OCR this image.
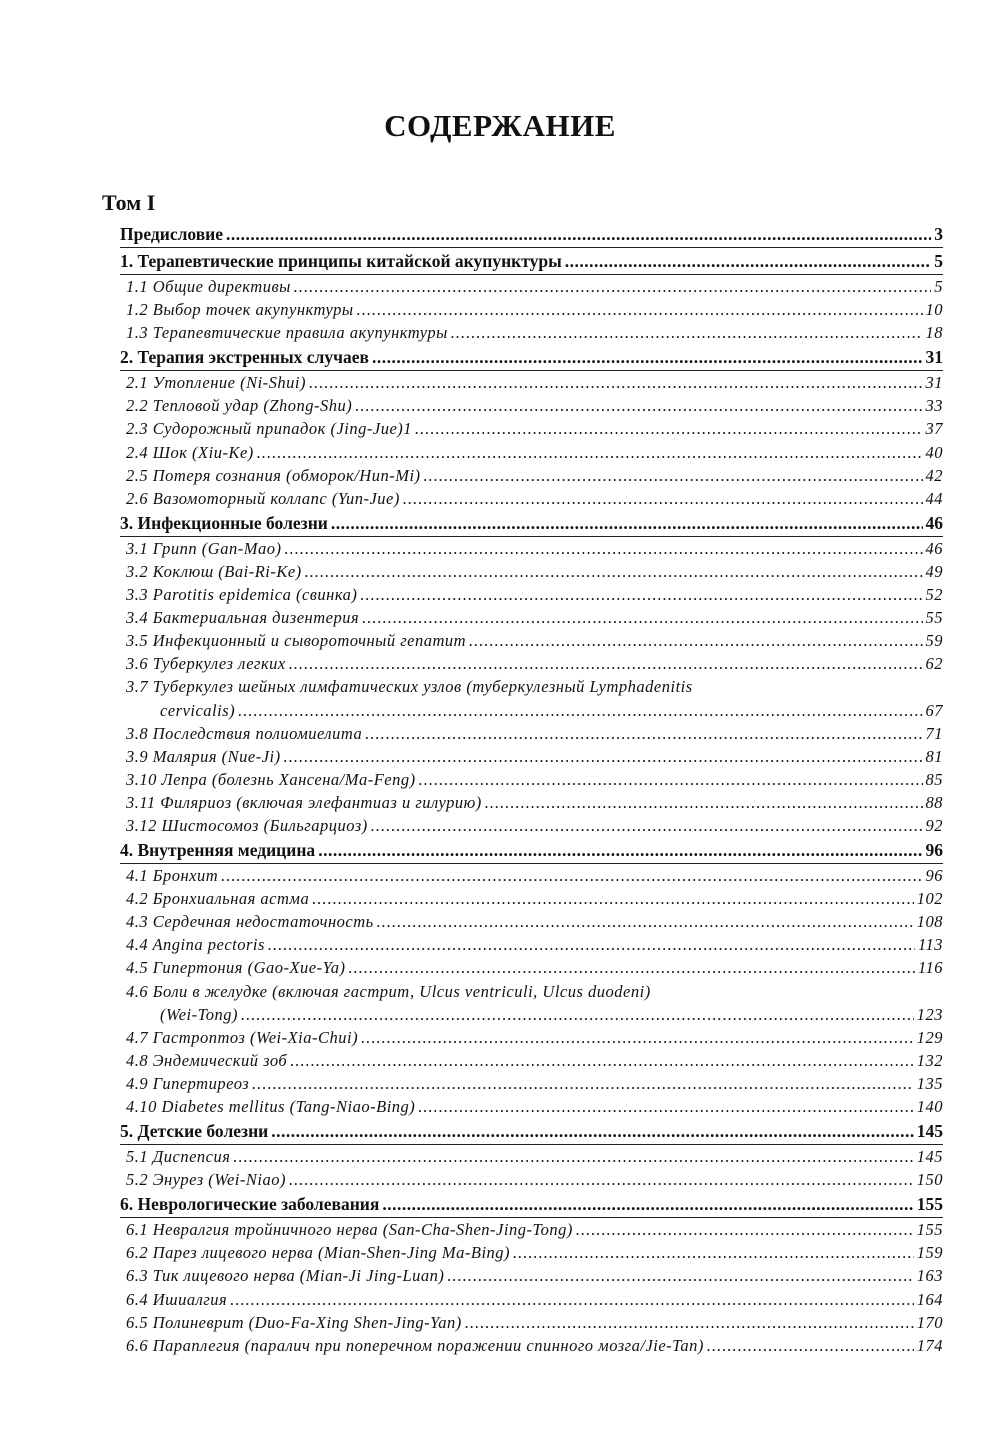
СОДЕРЖАНИЕ
Том I
Предисловие .....	3
1. Терапевтические принципы китайской акупунктуры .....	5
1.1 Общие директивы .....	5
1.2 Выбор точек акупунктуры .....	10
1.3 Терапевтические правила акупунктуры .....	18
2. Терапия экстренных случаев .....	31
2.1 Утопление (Ni-Shui) .....	31
2.2 Тепловой удар (Zhong-Shu) .....	33
2.3 Судорожный припадок (Jing-Jue)1 .....	37
2.4 Шок (Xiu-Ke) .....	40
2.5 Потеря сознания (обморок/Hun-Mi) .....	42
2.6 Вазомоторный коллапс (Yun-Jue) .....	44
3. Инфекционные болезни .....	46
3.1 Грипп (Gan-Mao) .....	46
3.2 Коклюш (Bai-Ri-Ke) .....	49
3.3 Parotitis epidemica (свинка) .....	52
3.4 Бактериальная дизентерия .....	55
3.5 Инфекционный и сывороточный гепатит .....	59
3.6 Туберкулез легких .....	62
3.7 Туберкулез шейных лимфатических узлов (туберкулезный Lymphadenitis
cervicalis) .....	67
3.8 Последствия полиомиелита .....	71
3.9 Малярия (Nue-Ji) .....	81
3.10 Лепра (болезнь Хансена/Ma-Feng) .....	85
3.11 Филяриоз (включая элефантиаз и гилурию) .....	88
3.12 Шистосомоз (Бильгарциоз) .....	92
4. Внутренняя медицина .....	96
4.1 Бронхит .....	96
4.2 Бронхиальная астма .....	102
4.3 Сердечная недостаточность .....	108
4.4 Angina pectoris .....	113
4.5 Гипертония (Gao-Xue-Ya) .....	116
4.6 Боли в желудке (включая гастрит, Ulcus ventriculi, Ulcus duodeni)
(Wei-Tong) .....	123
4.7 Гастроптоз (Wei-Xia-Chui) .....	129
4.8 Эндемический зоб .....	132
4.9 Гипертиреоз .....	135
4.10 Diabetes mellitus (Tang-Niao-Bing) .....	140
5. Детские болезни .....	145
5.1 Диспепсия .....	145
5.2 Энурез (Wei-Niao) .....	150
6. Неврологические заболевания .....	155
6.1 Невралгия тройничного нерва (San-Cha-Shen-Jing-Tong) .....	155
6.2 Парез лицевого нерва (Mian-Shen-Jing Ma-Bing) .....	159
6.3 Тик лицевого нерва (Mian-Ji Jing-Luan) .....	163
6.4 Ишиалгия .....	164
6.5 Полиневрит (Duo-Fa-Xing Shen-Jing-Yan) .....	170
6.6 Параплегия (паралич при поперечном поражении спинного мозга/Jie-Tan) .....	174
